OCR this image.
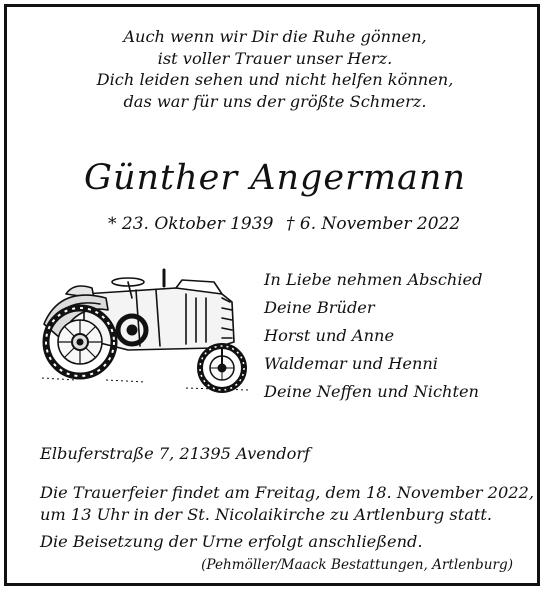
Auch wenn wir Dir die Ruhe gönnen,
ist voller Trauer unser Herz.
Dich leiden sehen und nicht helfen können,
das war für uns der größte Schmerz.
Günther Angermann
* 23. Oktober 1939 † 6. November 2022
In Liebe nehmen Abschied
Deine Brüder
Horst und Anne
Waldemar und Henni
Deine Neffen und Nichten
Elbuferstraße 7, 21395 Avendorf
Die Trauerfeier findet am Freitag, dem 18. November 2022,
um 13 Uhr in der St. Nicolaikirche zu Artlenburg statt.
Die Beisetzung der Urne erfolgt anschließend.
(Pehmöller/Maack Bestattungen, Artlenburg)
